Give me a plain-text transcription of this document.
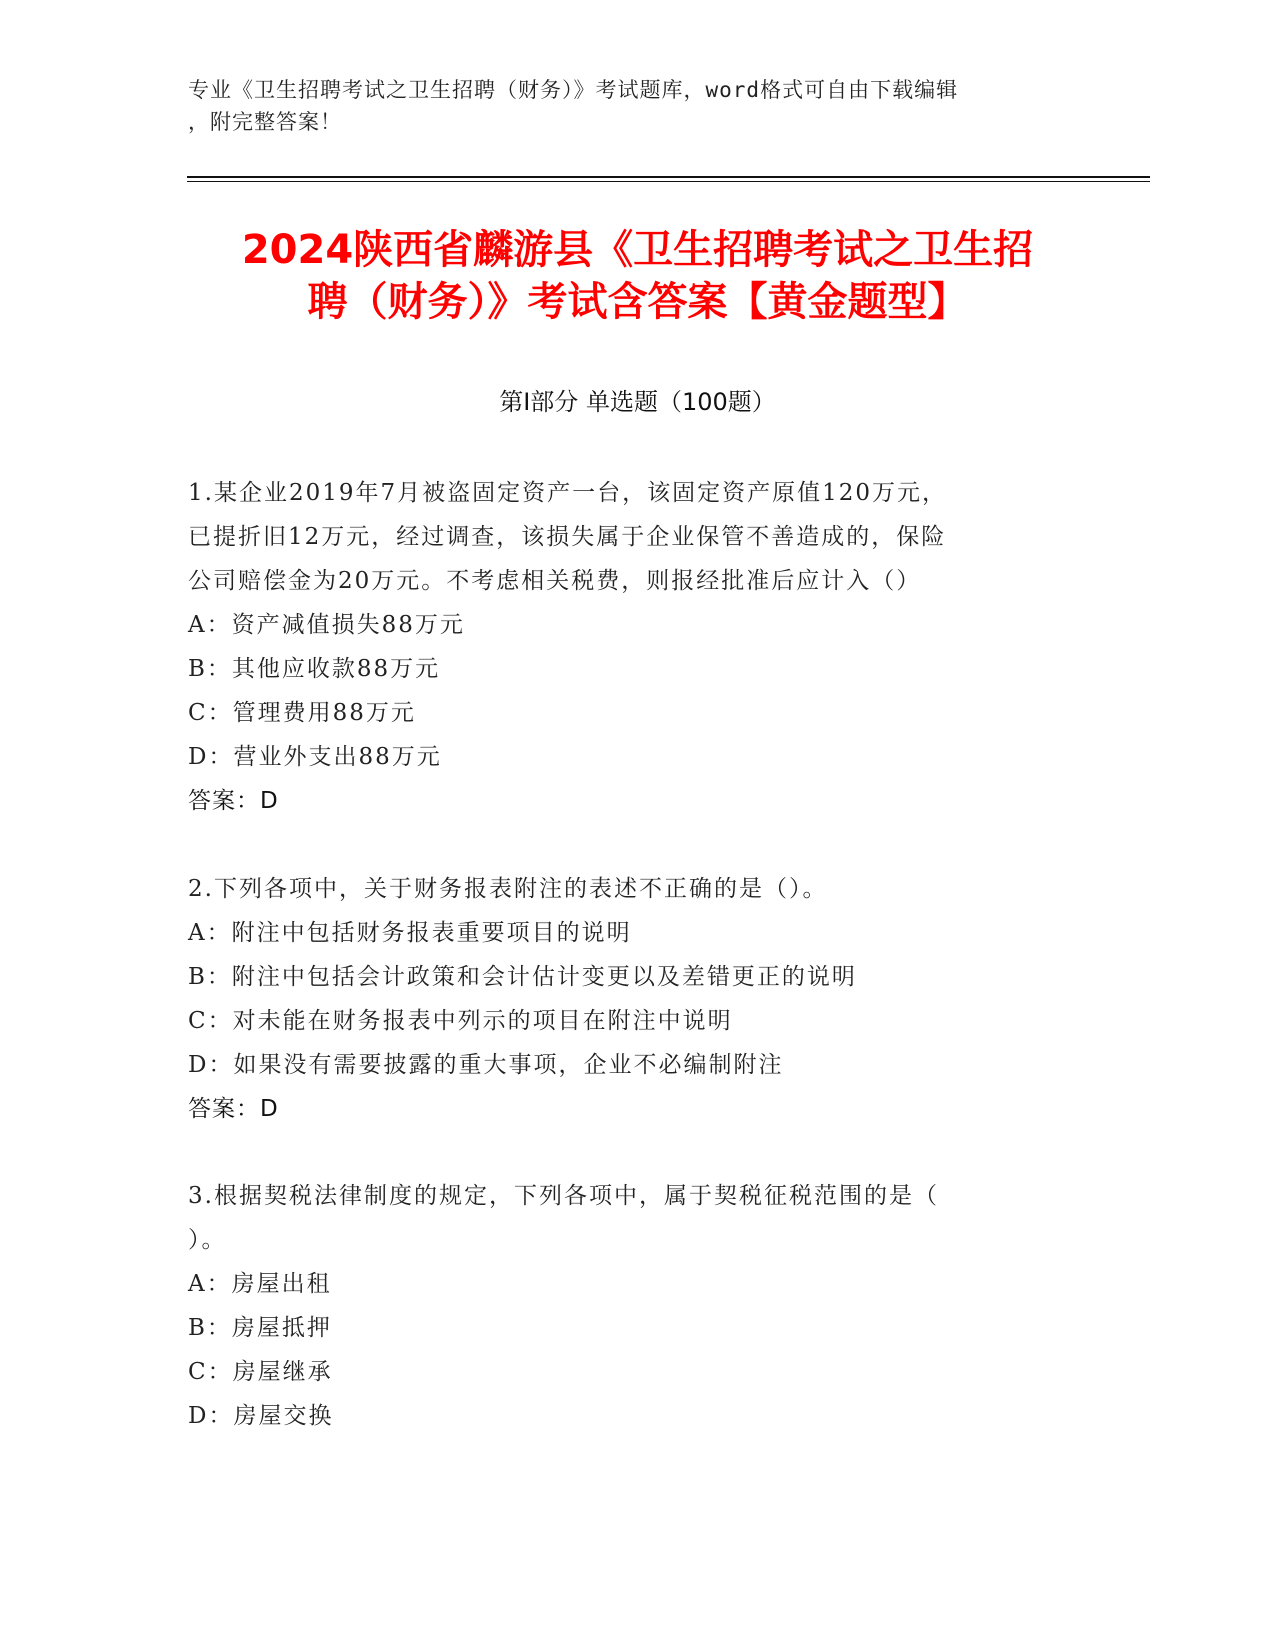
专业《卫生招聘考试之卫生招聘（财务）》考试题库，word格式可自由下载编辑
，附完整答案！
2024陕西省麟游县《卫生招聘考试之卫生招
聘（财务）》考试含答案【黄金题型】
第Ⅰ部分 单选题（100题）
1.某企业2019年7月被盗固定资产一台，该固定资产原值120万元，
已提折旧12万元，经过调查，该损失属于企业保管不善造成的，保险
公司赔偿金为20万元。不考虑相关税费，则报经批准后应计入（）
A：资产减值损失88万元
B：其他应收款88万元
C：管理费用88万元
D：营业外支出88万元
答案：D
2.下列各项中，关于财务报表附注的表述不正确的是（）。
A：附注中包括财务报表重要项目的说明
B：附注中包括会计政策和会计估计变更以及差错更正的说明
C：对未能在财务报表中列示的项目在附注中说明
D：如果没有需要披露的重大事项，企业不必编制附注
答案：D
3.根据契税法律制度的规定，下列各项中，属于契税征税范围的是（
）。
A：房屋出租
B：房屋抵押
C：房屋继承
D：房屋交换
